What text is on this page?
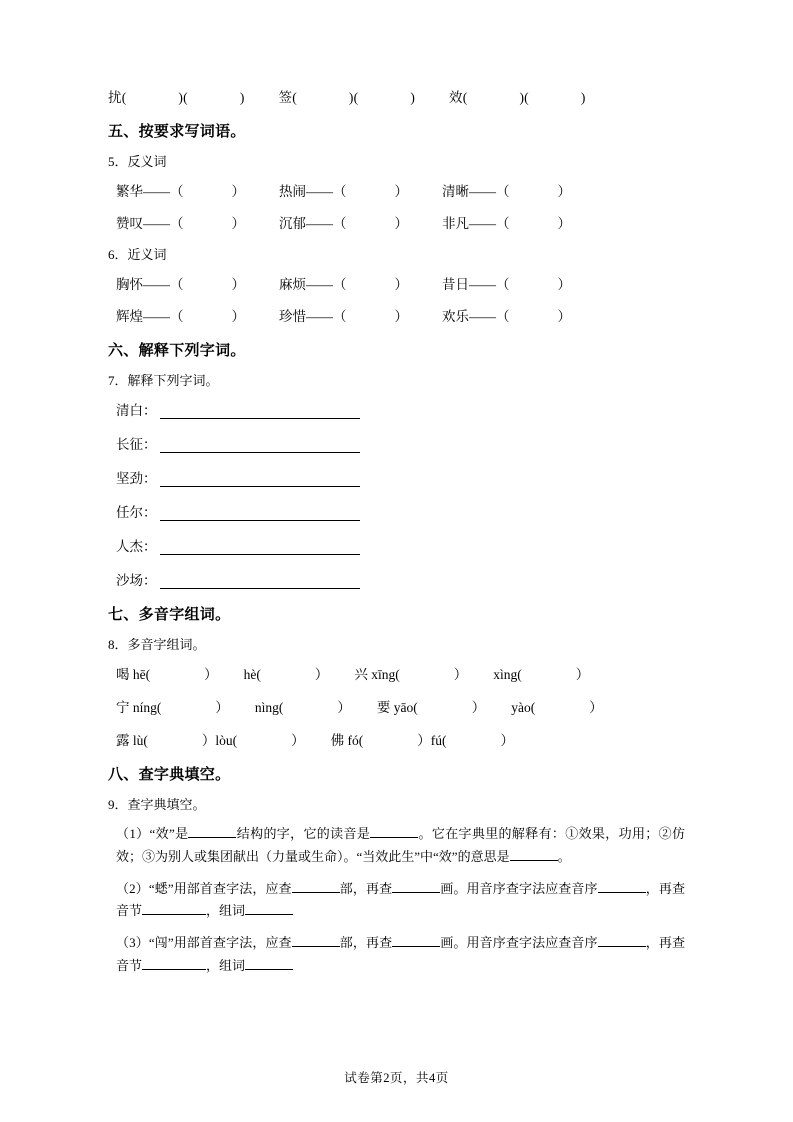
扰(	)(	)	签(	)(	)	效(	)(	)
五、按要求写词语。
5．反义词
繁华——（	）	热闹——（	）	清晰——（	）
赞叹——（	）	沉郁——（	）	非凡——（	）
6．近义词
胸怀——（	）	麻烦——（	）	昔日——（	）
辉煌——（	）	珍惜——（	）	欢乐——（	）
六、解释下列字词。
7．解释下列字词。
清白：
长征：
坚劲：
任尔：
人杰：
沙场：
七、多音字组词。
8．多音字组词。
喝 hē(	） hè(	） 兴 xīng(	） xìng(	）
宁 níng(	） nìng(	） 要 yāo(	） yào(	）
露 lù(	）lòu(	） 佛 fó(	）fú(	）
八、查字典填空。
9．查字典填空。
（1）“效”是	结构的字，它的读音是	。它在字典里的解释有：①效果，功用；②仿效；③为别人或集团献出（力量或生命）。“当效此生”中“效”的意思是	。
（2）“蟋”用部首查字法，应查	部，再查	画。用音序查字法应查音序	，再查音节	，组词
（3）“闯”用部首查字法，应查	部，再查	画。用音序查字法应查音序	，再查音节	，组词
试卷第2页，共4页
